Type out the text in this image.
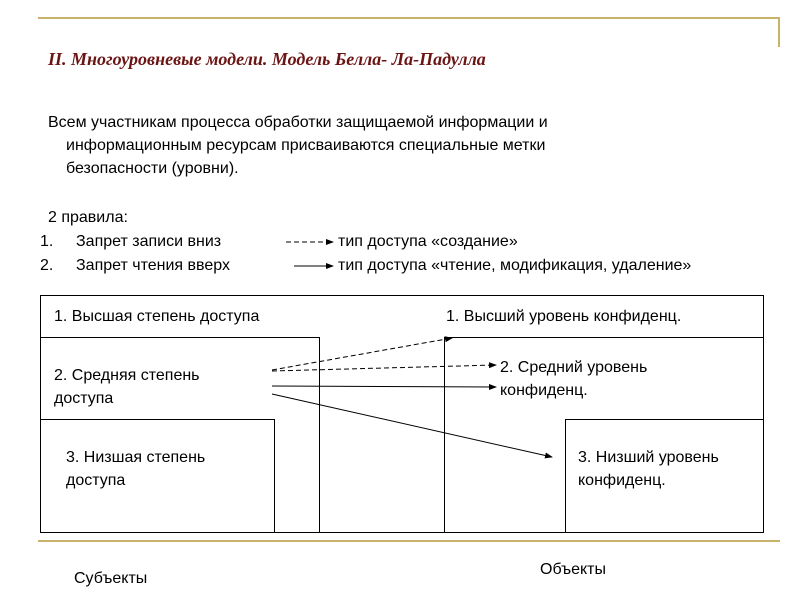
II. Многоуровневые модели. Модель Белла- Ла-Падулла
Всем участникам процесса обработки защищаемой информации и
информационным ресурсам присваиваются специальные метки
безопасности (уровни).
2 правила:
1. Запрет записи вниз	тип доступа «создание»
2. Запрет чтения вверх	тип доступа «чтение, модификация, удаление»
1. Высшая степень доступа
2. Средняя степень
доступа
3. Низшая степень
доступа
1. Высший уровень конфиденц.
2. Средний уровень
конфиденц.
3. Низший уровень
конфиденц.
Субъекты
Объекты
